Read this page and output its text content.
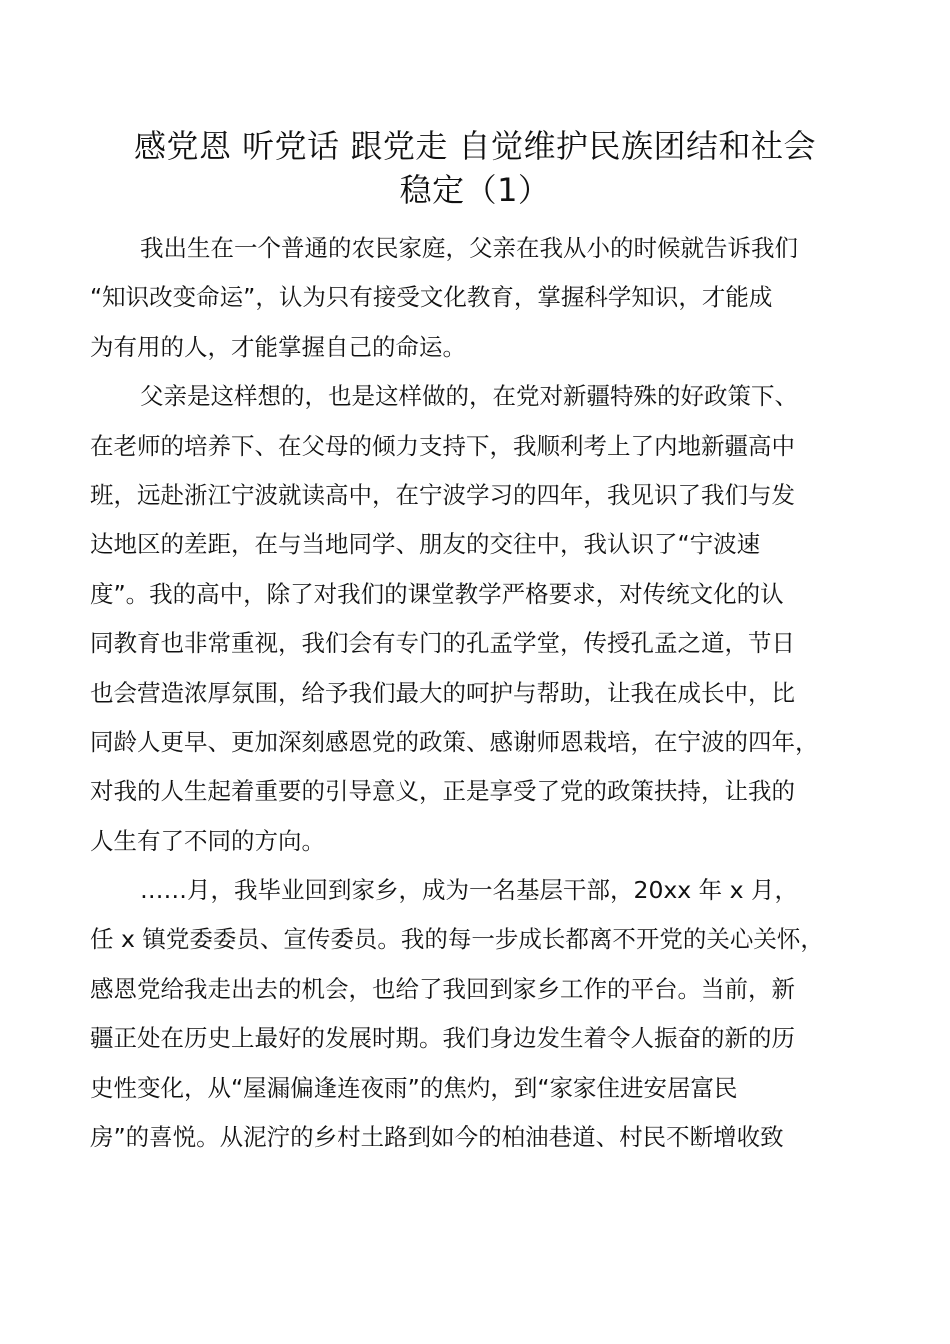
感党恩 听党话 跟党走 自觉维护民族团结和社会
稳定（1）
我出生在一个普通的农民家庭，父亲在我从小的时候就告诉我们
“知识改变命运”，认为只有接受文化教育，掌握科学知识，才能成
为有用的人，才能掌握自己的命运。
父亲是这样想的，也是这样做的，在党对新疆特殊的好政策下、
在老师的培养下、在父母的倾力支持下，我顺利考上了内地新疆高中
班，远赴浙江宁波就读高中，在宁波学习的四年，我见识了我们与发
达地区的差距，在与当地同学、朋友的交往中，我认识了“宁波速
度”。我的高中，除了对我们的课堂教学严格要求，对传统文化的认
同教育也非常重视，我们会有专门的孔孟学堂，传授孔孟之道，节日
也会营造浓厚氛围，给予我们最大的呵护与帮助，让我在成长中，比
同龄人更早、更加深刻感恩党的政策、感谢师恩栽培，在宁波的四年，
对我的人生起着重要的引导意义，正是享受了党的政策扶持，让我的
人生有了不同的方向。
……月，我毕业回到家乡，成为一名基层干部，20xx 年 x 月，
任 x 镇党委委员、宣传委员。我的每一步成长都离不开党的关心关怀，
感恩党给我走出去的机会，也给了我回到家乡工作的平台。当前，新
疆正处在历史上最好的发展时期。我们身边发生着令人振奋的新的历
史性变化，从“屋漏偏逢连夜雨”的焦灼，到“家家住进安居富民
房”的喜悦。从泥泞的乡村土路到如今的柏油巷道、村民不断增收致
